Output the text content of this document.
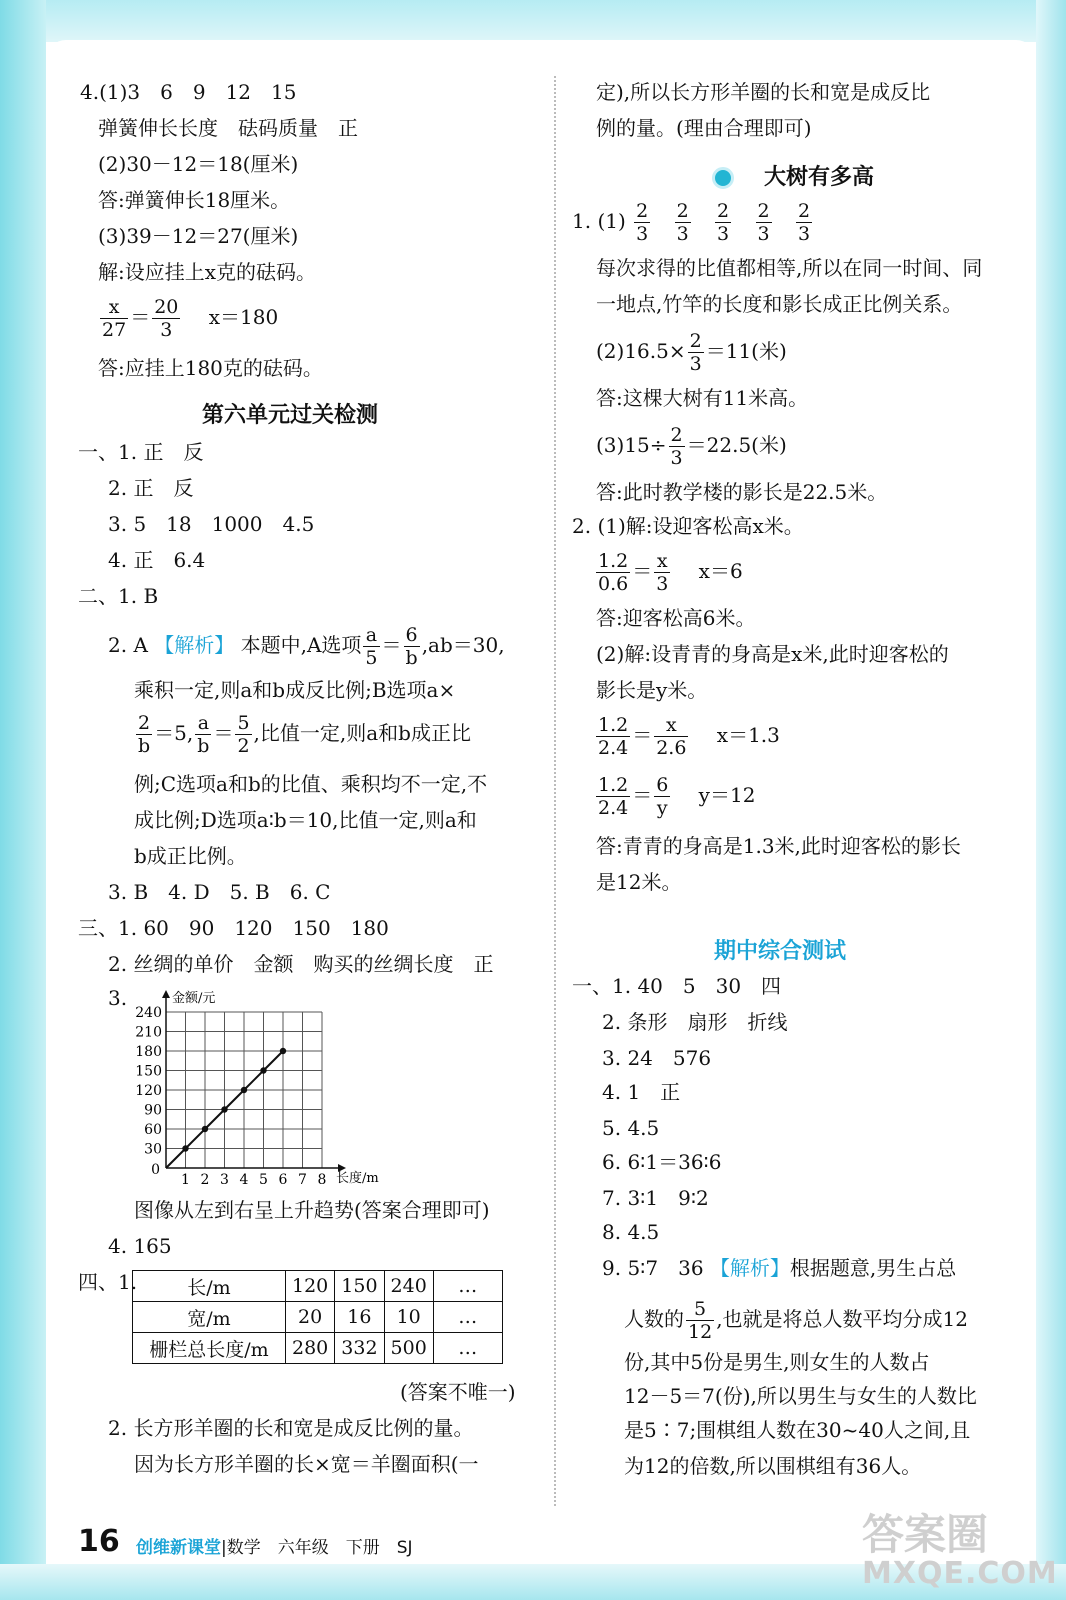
4.(1)3　6　9　12　15
弹簧伸长长度　砝码质量　正
(2)30－12＝18(厘米)
答:弹簧伸长18厘米。
(3)39－12＝27(厘米)
解:设应挂上x克的砝码。
$\frac{x}{27} = \frac{20}{3} x=180$
答:应挂上180克的砝码。
第六单元过关检测
一、1. 正　反
2. 正　反
3. 5　18　1000　4.5
4. 正　6.4
二、1. B
2. A 【解析】 本题中,A选项 $\frac{a}{5} = \frac{6}{b} ,ab=30$,
乘积一定,则a和b成反比例;B选项a×
$\frac{2}{b} =5$, $\frac{a}{b} = \frac{5}{2}$ ,比值一定,则a和b成正比
例;C选项a和b的比值、乘积均不一定,不
成比例;D选项a∶b＝10,比值一定,则a和
b成正比例。
3. B　4. D　5. B　6. C
三、1. 60　90　120　150　180
2. 丝绸的单价　金额　购买的丝绸长度　正
3.
1 2 3 4 5 6 7 8
30
60
90
120
150
180
210
240
0
金额/元
长度/m
图像从左到右呈上升趋势(答案合理即可)
4. 165
四、1.	长/m	120	150	240	…
宽/m	20	16	10	…
栅栏总长度/m	280	332	500	…
(答案不唯一)
2. 长方形羊圈的长和宽是成反比例的量。
因为长方形羊圈的长×宽＝羊圈面积(一
定),所以长方形羊圈的长和宽是成反比
例的量。(理由合理即可)
大树有多高
1. $(1) \frac{2}{3}$
$\frac{2}{3}$
$\frac{2}{3}$
$\frac{2}{3}$
$\frac{2}{3}$
每次求得的比值都相等,所以在同一时间、同
一地点,竹竿的长度和影长成正比例关系。
$(2)16.5\times \frac{2}{3} =11$(米)
答:这棵大树有11米高。
$(3)15\div \frac{2}{3} =22.5$(米)
答:此时教学楼的影长是22.5米。
2. (1)解:设迎客松高x米。
$\frac{1.2}{0.6} = \frac{x}{3} x=6$
答:迎客松高6米。
(2)解:设青青的身高是x米,此时迎客松的
影长是y米。
$\frac{1.2}{2.4} = \frac{x}{2.6} x=1.3$
$\frac{1.2}{2.4} = \frac{6}{y} y=12$
答:青青的身高是1.3米,此时迎客松的影长
是12米。
期中综合测试
一、1. 40　5　30　四
2. 条形　扇形　折线
3. 24　576
4. 1　正
5. 4.5
6. 6∶1＝36∶6
7. 3∶1　9∶2
8. 4.5
9. 5∶7　36 【解析】根据题意,男生占总
人数的 $\frac{5}{12}$ ,也就是将总人数平均分成12
份,其中5份是男生,则女生的人数占
12－5＝7(份),所以男生与女生的人数比
是5∶7;围棋组人数在30~40人之间,且
为12的倍数,所以围棋组有36人。
16 创维新课堂|数学　六年级　下册　SJ	答案圈
MXQE.COM
